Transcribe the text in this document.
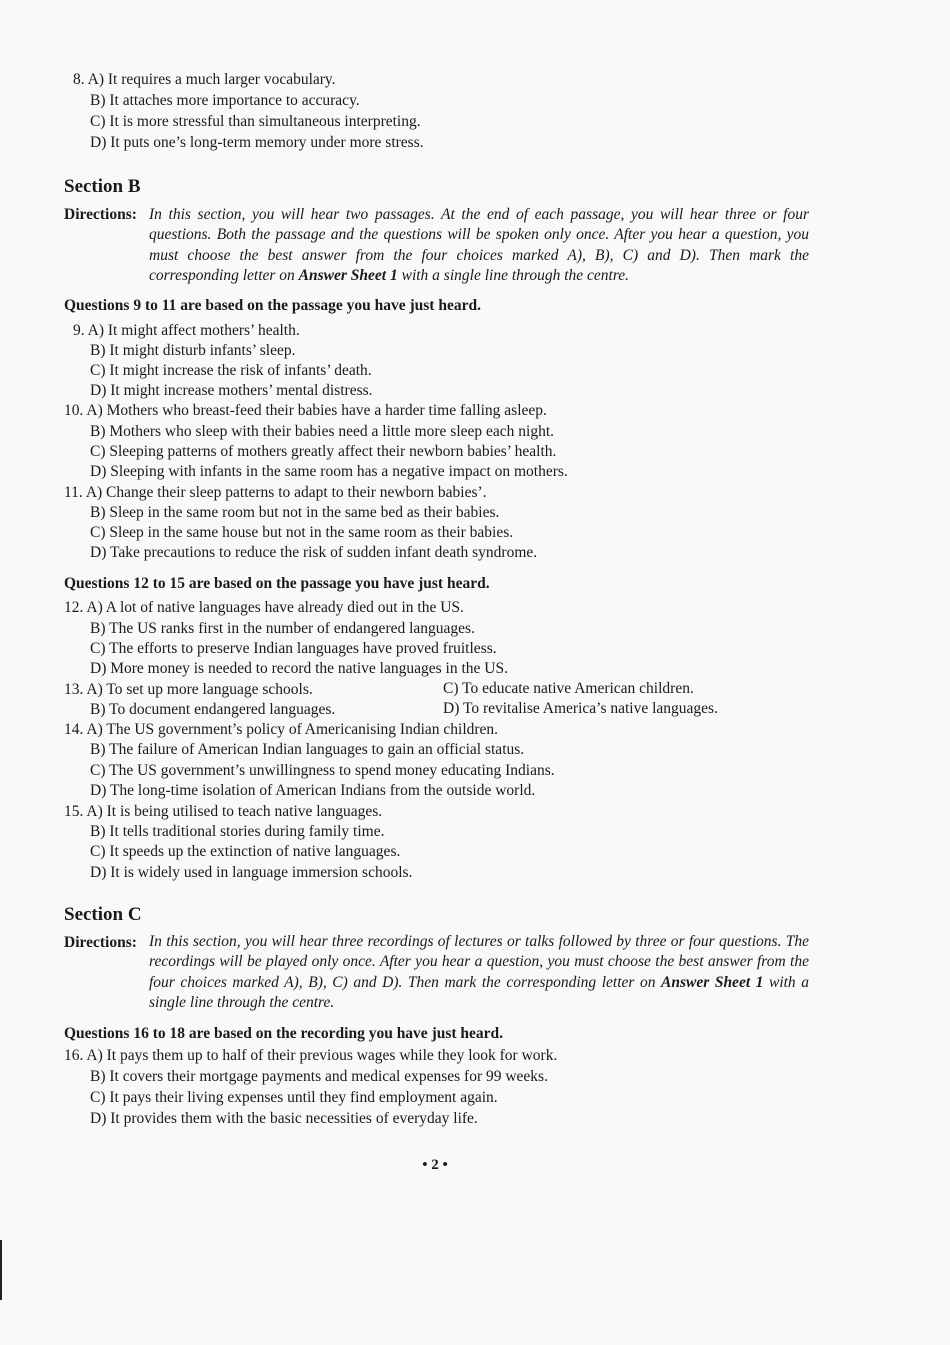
8. A) It requires a much larger vocabulary.
B) It attaches more importance to accuracy.
C) It is more stressful than simultaneous interpreting.
D) It puts one’s long-term memory under more stress.
Section B
Directions: In this section, you will hear two passages. At the end of each passage, you will hear three or four questions. Both the passage and the questions will be spoken only once. After you hear a question, you must choose the best answer from the four choices marked A), B), C) and D). Then mark the corresponding letter on Answer Sheet 1 with a single line through the centre.
Questions 9 to 11 are based on the passage you have just heard.
9. A) It might affect mothers’ health.
B) It might disturb infants’ sleep.
C) It might increase the risk of infants’ death.
D) It might increase mothers’ mental distress.
10. A) Mothers who breast-feed their babies have a harder time falling asleep.
B) Mothers who sleep with their babies need a little more sleep each night.
C) Sleeping patterns of mothers greatly affect their newborn babies’ health.
D) Sleeping with infants in the same room has a negative impact on mothers.
11. A) Change their sleep patterns to adapt to their newborn babies’.
B) Sleep in the same room but not in the same bed as their babies.
C) Sleep in the same house but not in the same room as their babies.
D) Take precautions to reduce the risk of sudden infant death syndrome.
Questions 12 to 15 are based on the passage you have just heard.
12. A) A lot of native languages have already died out in the US.
B) The US ranks first in the number of endangered languages.
C) The efforts to preserve Indian languages have proved fruitless.
D) More money is needed to record the native languages in the US.
13. A) To set up more language schools.	C) To educate native American children.
B) To document endangered languages.	D) To revitalise America’s native languages.
14. A) The US government’s policy of Americanising Indian children.
B) The failure of American Indian languages to gain an official status.
C) The US government’s unwillingness to spend money educating Indians.
D) The long-time isolation of American Indians from the outside world.
15. A) It is being utilised to teach native languages.
B) It tells traditional stories during family time.
C) It speeds up the extinction of native languages.
D) It is widely used in language immersion schools.
Section C
Directions: In this section, you will hear three recordings of lectures or talks followed by three or four questions. The recordings will be played only once. After you hear a question, you must choose the best answer from the four choices marked A), B), C) and D). Then mark the corresponding letter on Answer Sheet 1 with a single line through the centre.
Questions 16 to 18 are based on the recording you have just heard.
16. A) It pays them up to half of their previous wages while they look for work.
B) It covers their mortgage payments and medical expenses for 99 weeks.
C) It pays their living expenses until they find employment again.
D) It provides them with the basic necessities of everyday life.
• 2 •
